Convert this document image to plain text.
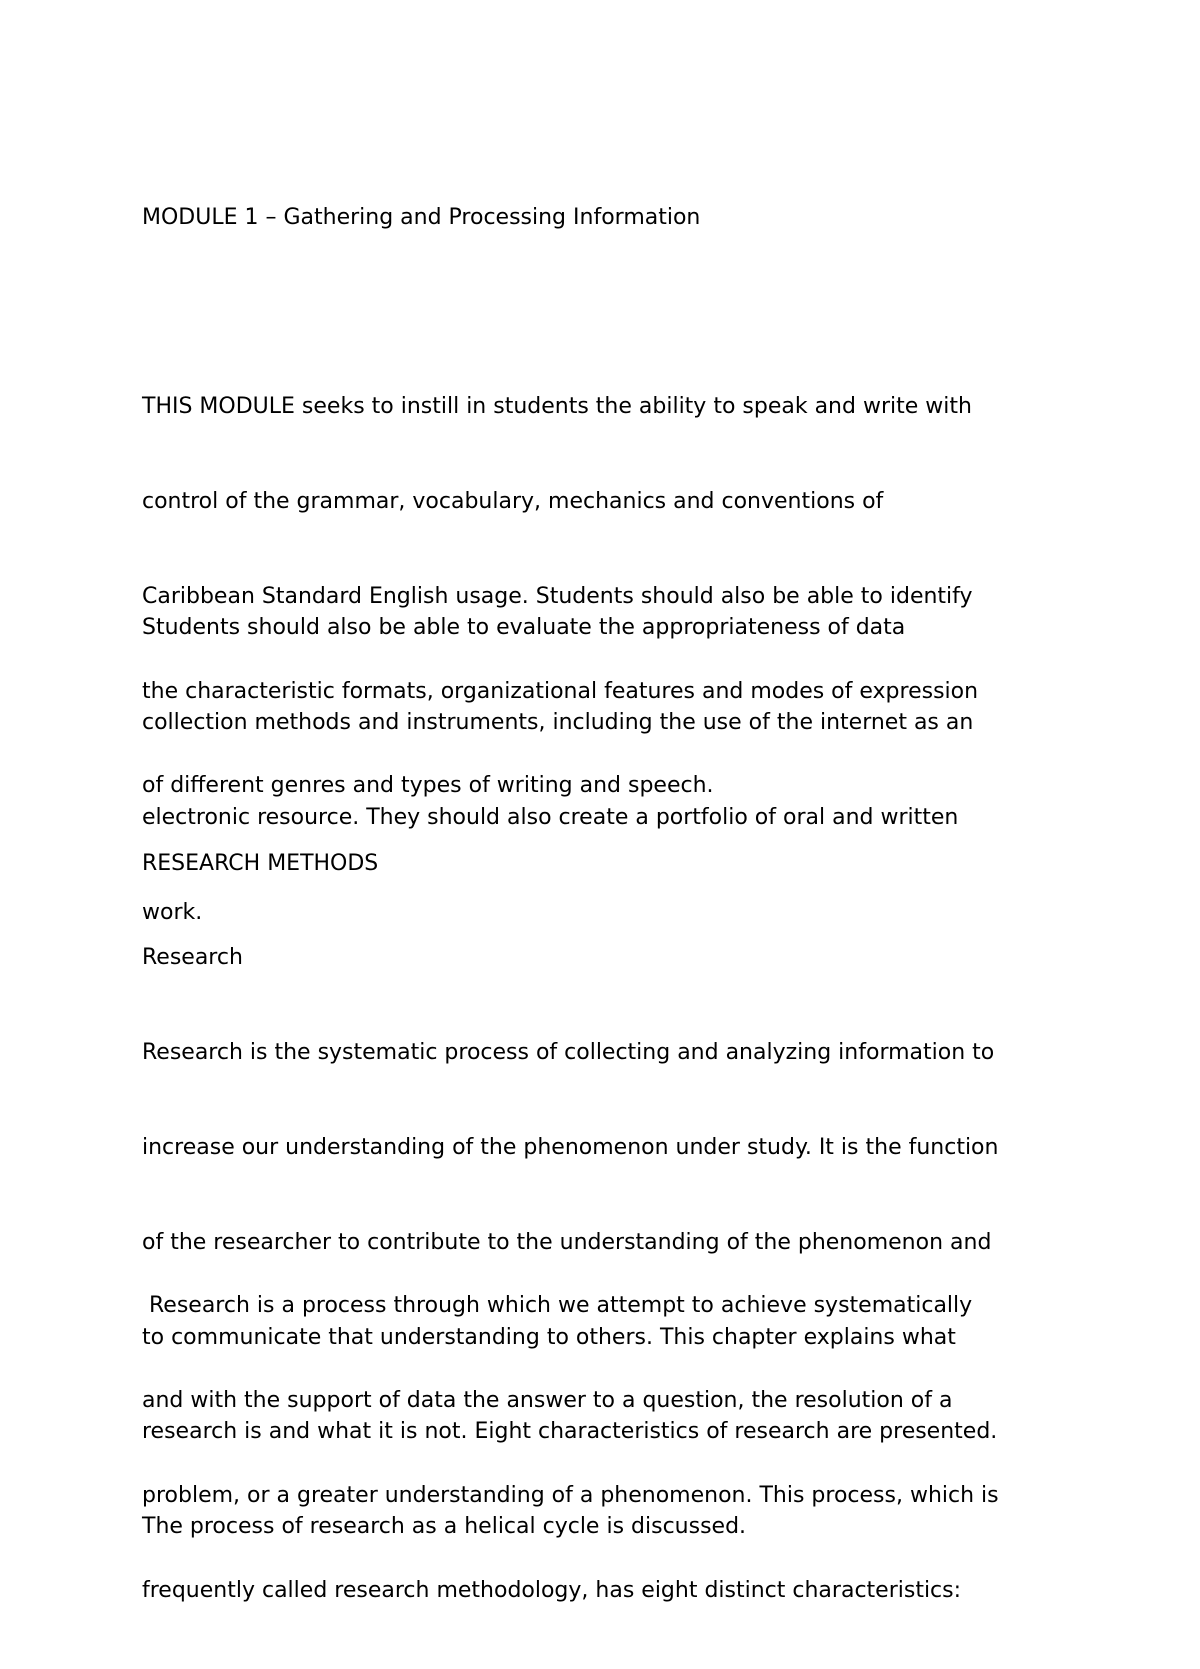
MODULE 1 – Gathering and Processing Information

THIS MODULE seeks to instill in students the ability to speak and write with

control of the grammar, vocabulary, mechanics and conventions of

Caribbean Standard English usage. Students should also be able to identify

the characteristic formats, organizational features and modes of expression

of different genres and types of writing and speech.

Students should also be able to evaluate the appropriateness of data

collection methods and instruments, including the use of the internet as an

electronic resource. They should also create a portfolio of oral and written

work.

RESEARCH METHODS

Research

Research is the systematic process of collecting and analyzing information to

increase our understanding of the phenomenon under study. It is the function

of the researcher to contribute to the understanding of the phenomenon and

to communicate that understanding to others. This chapter explains what

research is and what it is not. Eight characteristics of research are presented.

The process of research as a helical cycle is discussed.

Research is a process through which we attempt to achieve systematically

and with the support of data the answer to a question, the resolution of a

problem, or a greater understanding of a phenomenon. This process, which is

frequently called research methodology, has eight distinct characteristics:
